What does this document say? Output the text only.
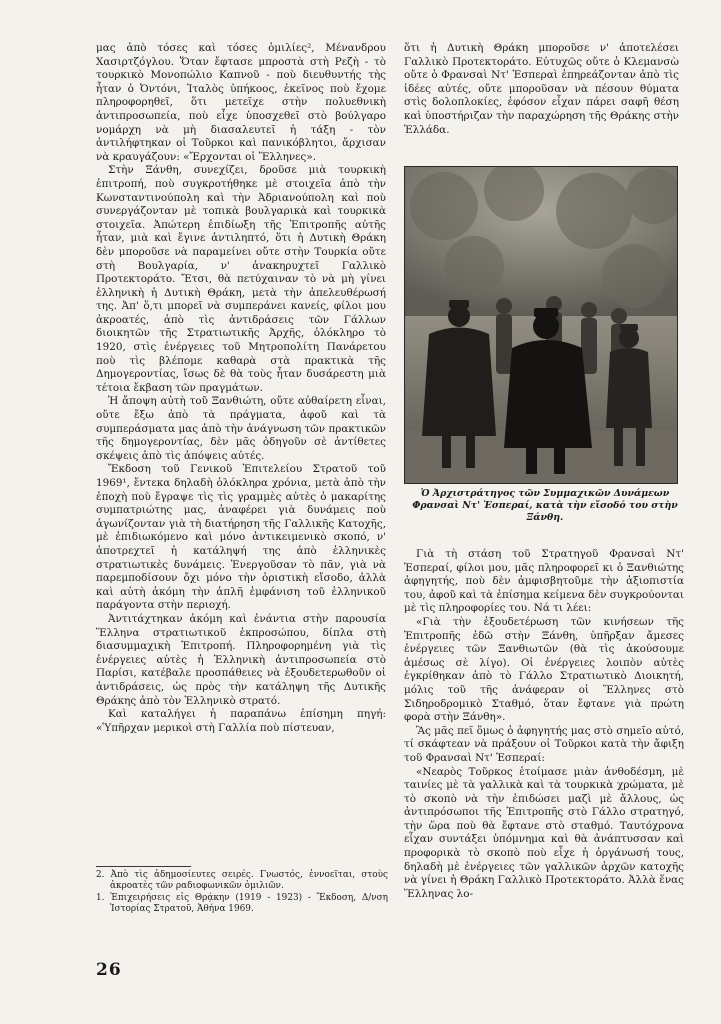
μας ἀπὸ τόσες καὶ τόσες ὁμιλίες², Μένανδρου Χασιρτζόγλου. Ὅταν ἔφτασε μπροστὰ στὴ Ρεζὴ - τὸ τουρκικὸ Μονοπώλιο Καπνοῦ - ποὺ διευθυντής τὴς ἦταν ὁ Ὀντόνι, Ἰταλὸς ὑπήκοος, ἐκεῖνος ποὺ ἔχομε πληροφορηθεῖ, ὅτι μετεῖχε στὴν πολυεθνικὴ ἀντιπροσωπεία, ποὺ εἶχε ὑποσχεθεῖ στὸ βούλγαρο νομάρχη νὰ μὴ διασαλευτεῖ ἡ τάξη - τὸν ἀντιλήφτηκαν οἱ Τοῦρκοι καὶ πανικόβλητοι, ἄρχισαν νὰ κραυγάζουν: «Ἔρχονται οἱ Ἕλληνες».

Στὴν Ξάνθη, συνεχίζει, δροῦσε μιὰ τουρκικὴ ἐπιτροπή, ποὺ συγκροτήθηκε μὲ στοιχεῖα ἀπὸ τὴν Κωνσταντινούπολη καὶ τὴν Ἀδριανούπολη καὶ ποὺ συνεργάζονταν μὲ τοπικὰ βουλγαρικὰ καὶ τουρκικὰ στοιχεῖα. Ἀπώτερη ἐπιδίωξη τῆς Ἐπιτροπῆς αὐτῆς ἦταν, μιὰ καὶ ἔγινε ἀντιληπτό, ὅτι ἡ Δυτικὴ Θράκη δὲν μποροῦσε νὰ παραμείνει οὔτε στὴν Τουρκία οὔτε στὴ Βουλγαρία, ν' ἀνακηρυχτεῖ Γαλλικὸ Προτεκτοράτο. Ἔτσι, θὰ πετύχαιναν τὸ νὰ μὴ γίνει ἑλληνικὴ ἡ Δυτικὴ Θράκη, μετὰ τὴν ἀπελευθέρωσή της. Ἀπ' ὅ,τι μπορεῖ νὰ συμπεράνει κανείς, φίλοι μου ἀκροατές, ἀπὸ τὶς ἀντιδράσεις τῶν Γάλλων διοικητῶν τῆς Στρατιωτικῆς Ἀρχῆς, ὁλόκληρο τὸ 1920, στὶς ἐνέργειες τοῦ Μητροπολίτη Πανάρετου ποὺ τὶς βλέπομε καθαρὰ στὰ πρακτικὰ τῆς Δημογεροντίας, ἴσως δὲ θὰ τοὺς ἦταν δυσάρεστη μιὰ τέτοια ἔκβαση τῶν πραγμάτων.

Ἡ ἄποψη αὐτὴ τοῦ Ξανθιώτη, οὔτε αὐθαίρετη εἶναι, οὔτε ἔξω ἀπὸ τὰ πράγματα, ἀφοῦ καὶ τὰ συμπεράσματα μας ἀπὸ τὴν ἀνάγνωση τῶν πρακτικῶν τῆς δημογεροντίας, δὲν μᾶς ὁδηγοῦν σὲ ἀντίθετες σκέψεις ἀπὸ τὶς ἀπόψεις αὐτές.

Ἔκδοση τοῦ Γενικοῦ Ἐπιτελείου Στρατοῦ τοῦ 1969¹, ἔντεκα δηλαδὴ ὁλόκληρα χρόνια, μετὰ ἀπὸ τὴν ἐποχὴ ποὺ ἔγραψε τὶς τὶς γραμμὲς αὐτὲς ὁ μακαρίτης συμπατριώτης μας, ἀναφέρει γιὰ δυνάμεις ποὺ ἀγωνίζονταν γιὰ τὴ διατήρηση τῆς Γαλλικῆς Κατοχῆς, μὲ ἐπιδιωκόμενο καὶ μόνο ἀντικειμενικὸ σκοπό, ν' ἀποτρεχτεῖ ἡ κατάληψή της ἀπὸ ἑλληνικὲς στρατιωτικὲς δυνάμεις. Ἐνεργοῦσαν τὸ πᾶν, γιὰ νὰ παρεμποδίσουν ὄχι μόνο τὴν ὁριστικὴ εἴσοδο, ἀλλὰ καὶ αὐτὴ ἀκόμη τὴν ἁπλῆ ἐμφάνιση τοῦ ἑλληνικοῦ παράγοντα στὴν περιοχή.

Ἀντιτάχτηκαν ἀκόμη καὶ ἐνάντια στὴν παρουσία Ἕλληνα στρατιωτικοῦ ἐκπροσώπου, δίπλα στὴ διασυμμαχικὴ Ἐπιτροπή. Πληροφορημένη γιὰ τὶς ἐνέργειες αὐτὲς ἡ Ἑλληνικὴ ἀντιπροσωπεία στὸ Παρίσι, κατέβαλε προσπάθειες νὰ ἐξουδετερωθοῦν οἱ ἀντιδράσεις, ὡς πρὸς τὴν κατάληψη τῆς Δυτικῆς Θράκης ἀπὸ τὸν Ἑλληνικὸ στρατό.

Καὶ καταλήγει ἡ παραπάνω ἐπίσημη πηγή: «Ὑπῆρχαν μερικοὶ στὴ Γαλλία ποὺ πίστευαν,

ὅτι ἡ Δυτικὴ Θράκη μποροῦσε ν' ἀποτελέσει Γαλλικὸ Προτεκτοράτο. Εὐτυχῶς οὔτε ὁ Κλεμανσὼ οὔτε ὁ Φρανσαὶ Ντ' Ἐσπεραὶ ἐπηρεάζονταν ἀπὸ τὶς ἰδέες αὐτές, οὔτε μποροῦσαν νὰ πέσουν θύματα στὶς δολοπλοκίες, ἐφόσον εἶχαν πάρει σαφῆ θέση καὶ ὑποστήριζαν τὴν παραχώρηση τῆς Θράκης στὴν Ἑλλάδα.

Ὁ Ἀρχιστράτηγος τῶν Συμμαχικῶν Δυνάμεων Φρανσαὶ Ντ' Ἐσπεραί, κατὰ τὴν εἴσοδό του στὴν Ξάνθη.

Γιὰ τὴ στάση τοῦ Στρατηγοῦ Φρανσαὶ Ντ' Ἐσπεραί, φίλοι μου, μᾶς πληροφορεῖ κι ὁ Ξανθιώτης ἀφηγητής, ποὺ δὲν ἀμφισβητοῦμε τὴν ἀξιοπιστία του, ἀφοῦ καὶ τὰ ἐπίσημα κείμενα δὲν συγκρούονται μὲ τὶς πληροφορίες του. Νά τι λέει:

«Γιὰ τὴν ἐξουδετέρωση τῶν κινήσεων τῆς Ἐπιτροπῆς ἐδῶ στὴν Ξάνθη, ὑπῆρξαν ἄμεσες ἐνέργειες τῶν Ξανθιωτῶν (θὰ τὶς ἀκούσουμε ἀμέσως σὲ λίγο). Οἱ ἐνέργειες λοιπὸν αὐτὲς ἐγκρίθηκαν ἀπὸ τὸ Γάλλο Στρατιωτικὸ Διοικητή, μόλις τοῦ τῆς ἀνάφεραν οἱ Ἕλληνες στὸ Σιδηροδρομικὸ Σταθμό, ὅταν ἔφτανε γιὰ πρώτη φορὰ στὴν Ξάνθη».

Ἂς μᾶς πεῖ ὅμως ὁ ἀφηγητής μας στὸ σημεῖο αὐτό, τί σκάφτεαν νὰ πράξουν οἱ Τοῦρκοι κατὰ τὴν ἄφιξη τοῦ Φρανσαὶ Ντ' Ἐσπεραί:

«Νεαρὸς Τοῦρκος ἑτοίμασε μιὰν ἀνθοδέσμη, μὲ ταινίες μὲ τὰ γαλλικὰ καὶ τὰ τουρκικὰ χρώματα, μὲ τὸ σκοπὸ νὰ τὴν ἐπιδώσει μαζὶ μὲ ἄλλους, ὡς ἀντιπρόσωποι τῆς Ἐπιτροπῆς στὸ Γάλλο στρατηγό, τὴν ὥρα ποὺ θὰ ἔφτανε στὸ σταθμό. Ταυτόχρονα εἶχαν συντάξει ὑπόμνημα καὶ θὰ ἀνάπτυσσαν καὶ προφορικὰ τὸ σκοπὸ ποὺ εἶχε ἡ ὀργάνωσή τους, δηλαδὴ μὲ ἐνέργειες τῶν γαλλικῶν ἀρχῶν κατοχῆς νὰ γίνει ἡ Θράκη Γαλλικὸ Προτεκτοράτο. Ἀλλὰ ἕνας Ἕλληνας λο-

2. Ἀπὸ τὶς ἀδημοσίευτες σειρές. Γνωστός, ἐννοεῖται, στοὺς ἀκροατὲς τῶν ραδιοφωνικῶν ὁμιλιῶν.

1. Ἐπιχειρήσεις εἰς Θρᾴκην (1919 - 1923) - Ἔκδοση, Δ/νση Ἱστορίας Στρατοῦ, Ἀθήνα 1969.

26
